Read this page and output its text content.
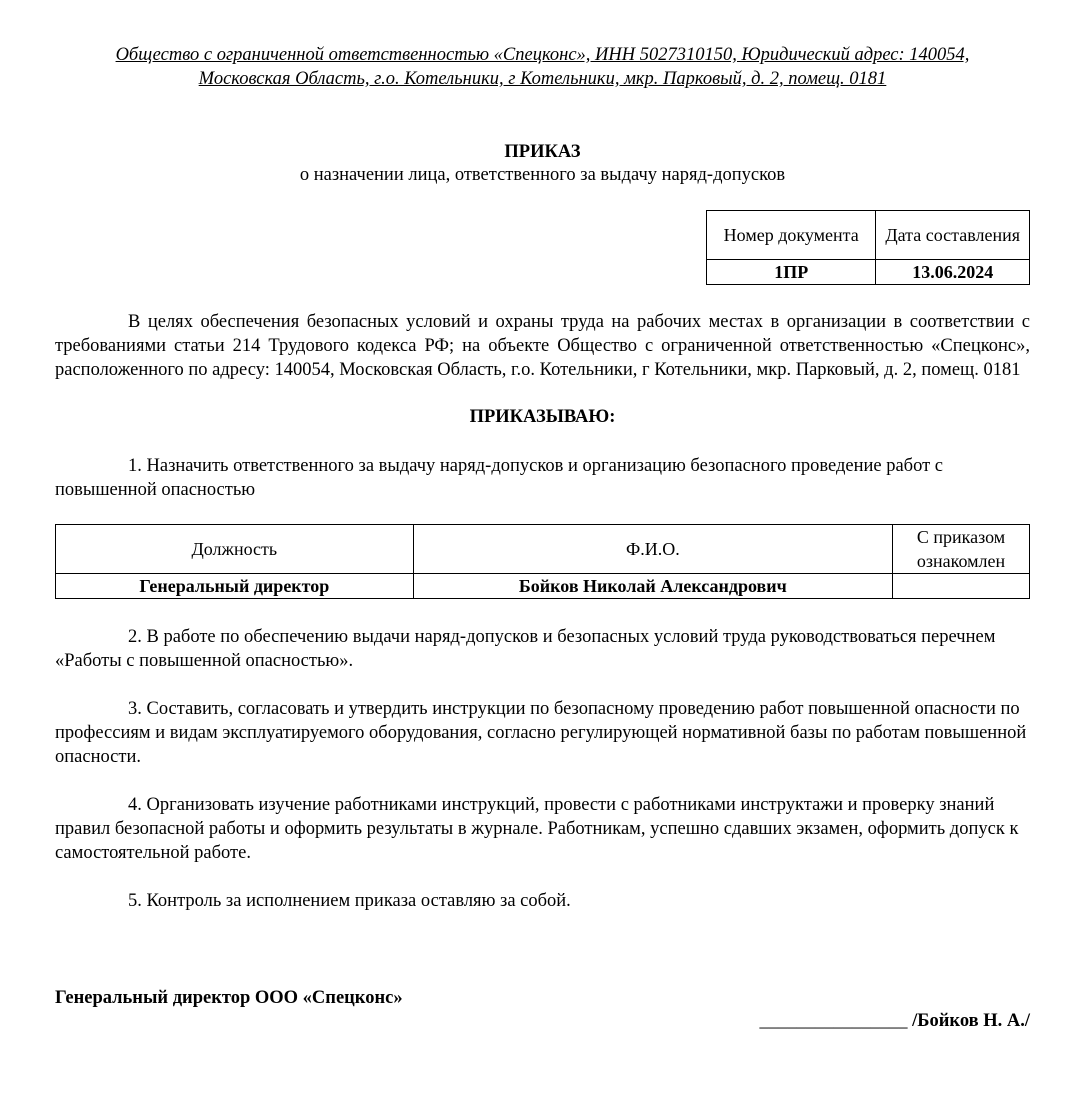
Общество с ограниченной ответственностью «Спецконс», ИНН 5027310150, Юридический адрес: 140054,
Московская Область, г.о. Котельники, г Котельники, мкр. Парковый, д. 2, помещ. 0181
ПРИКАЗ
о назначении лица, ответственного за выдачу наряд-допусков
Номер документа	Дата составления
1ПР	13.06.2024
В целях обеспечения безопасных условий и охраны труда на рабочих местах в организации в соответствии с требованиями статьи 214 Трудового кодекса РФ; на объекте Общество с ограниченной ответственностью «Спецконс», расположенного по адресу: 140054, Московская Область, г.о. Котельники, г Котельники, мкр. Парковый, д. 2, помещ. 0181
ПРИКАЗЫВАЮ:
1. Назначить ответственного за выдачу наряд-допусков и организацию безопасного проведение работ с повышенной опасностью
Должность	Ф.И.О.	С приказом ознакомлен
Генеральный директор	Бойков Николай Александрович	
2. В работе по обеспечению выдачи наряд-допусков и безопасных условий труда руководствоваться перечнем «Работы с повышенной опасностью».
3. Составить, согласовать и утвердить инструкции по безопасному проведению работ повышенной опасности по профессиям и видам эксплуатируемого оборудования, согласно регулирующей нормативной базы по работам повышенной опасности.
4. Организовать изучение работниками инструкций, провести с работниками инструктажи и проверку знаний правил безопасной работы и оформить результаты в журнале. Работникам, успешно сдавших экзамен, оформить допуск к самостоятельной работе.
5. Контроль за исполнением приказа оставляю за собой.
Генеральный директор ООО «Спецконс»
________________ /Бойков Н. А./
